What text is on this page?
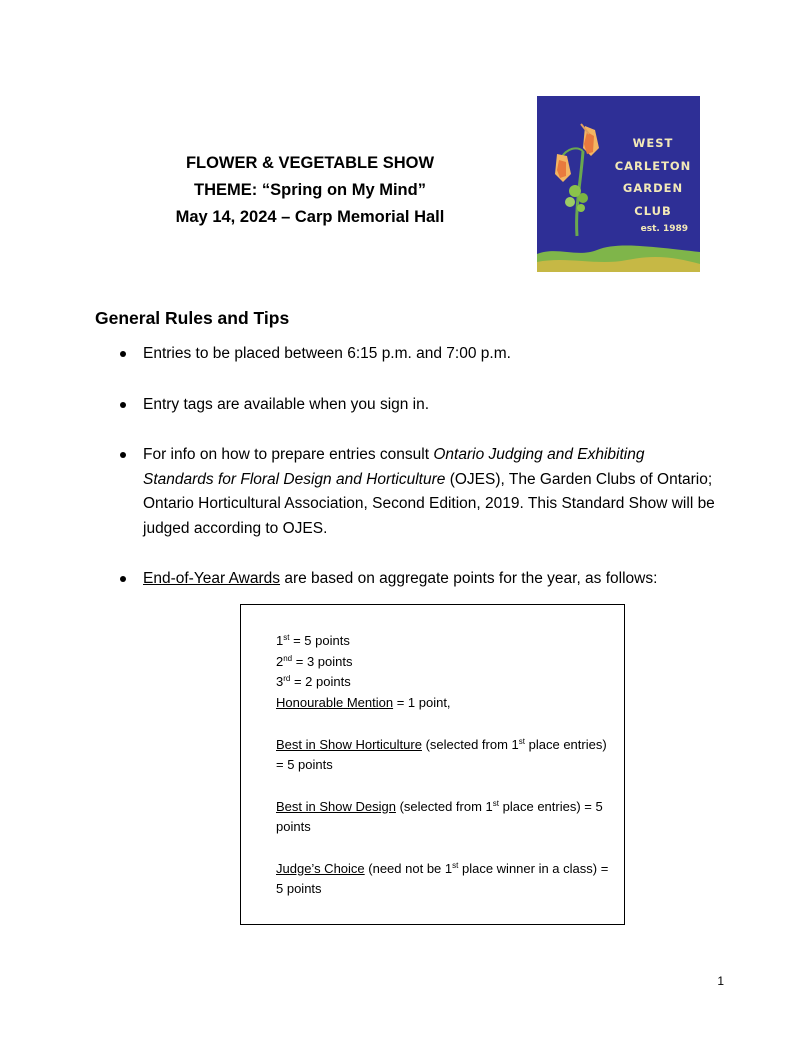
FLOWER & VEGETABLE SHOW
THEME: “Spring on My Mind”
May 14, 2024 – Carp Memorial Hall
WEST
CARLETON
GARDEN
CLUB
est. 1989
General Rules and Tips
Entries to be placed between 6:15 p.m. and 7:00 p.m.
Entry tags are available when you sign in.
For info on how to prepare entries consult Ontario Judging and Exhibiting Standards for Floral Design and Horticulture (OJES), The Garden Clubs of Ontario; Ontario Horticultural Association, Second Edition, 2019. This Standard Show will be judged according to OJES.
End-of-Year Awards are based on aggregate points for the year, as follows:
1st = 5 points
2nd = 3 points
3rd = 2 points
Honourable Mention = 1 point,
Best in Show Horticulture (selected from 1st place entries) = 5 points
Best in Show Design (selected from 1st place entries) = 5 points
Judge’s Choice (need not be 1st place winner in a class) = 5 points
1
